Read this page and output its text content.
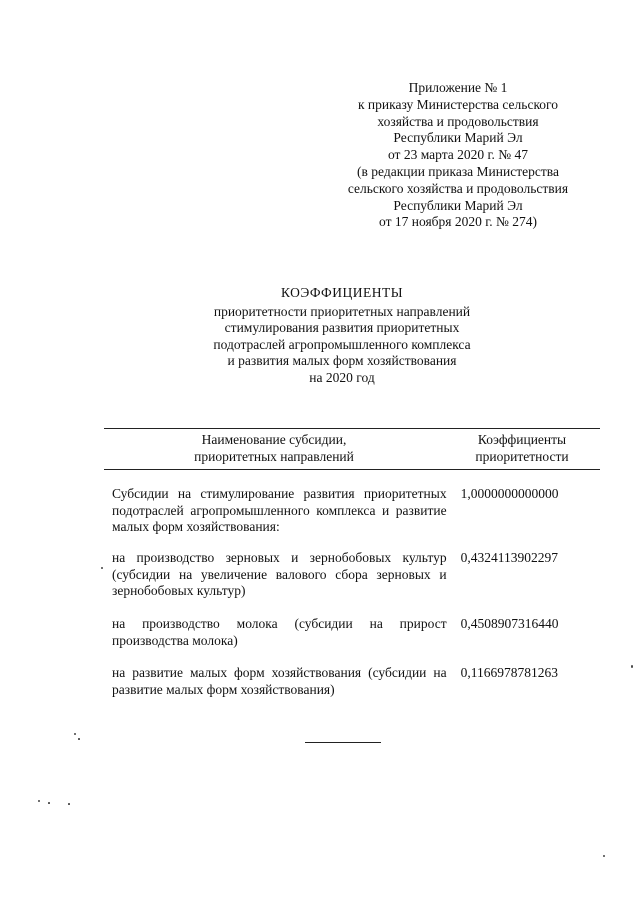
Приложение № 1
к приказу Министерства сельского
хозяйства и продовольствия
Республики Марий Эл
от 23 марта 2020 г. № 47
(в редакции приказа Министерства
сельского хозяйства и продовольствия
Республики Марий Эл
от 17 ноября 2020 г. № 274)
КОЭФФИЦИЕНТЫ
приоритетности приоритетных направлений
стимулирования развития приоритетных
подотраслей агропромышленного комплекса
и развития малых форм хозяйствования
на 2020 год
Наименование субсидии,
приоритетных направлений
Коэффициенты
приоритетности
Субсидии на стимулирование развития приоритетных подотраслей агропромышленного комплекса и развитие малых форм хозяйствования:
1,0000000000000
на производство зерновых и зернобобовых культур (субсидии на увеличение валового сбора зерновых и зернобобовых культур)
0,4324113902297
на производство молока (субсидии на прирост производства молока)
0,4508907316440
на развитие малых форм хозяйствования (субсидии на развитие малых форм хозяйствования)
0,1166978781263
